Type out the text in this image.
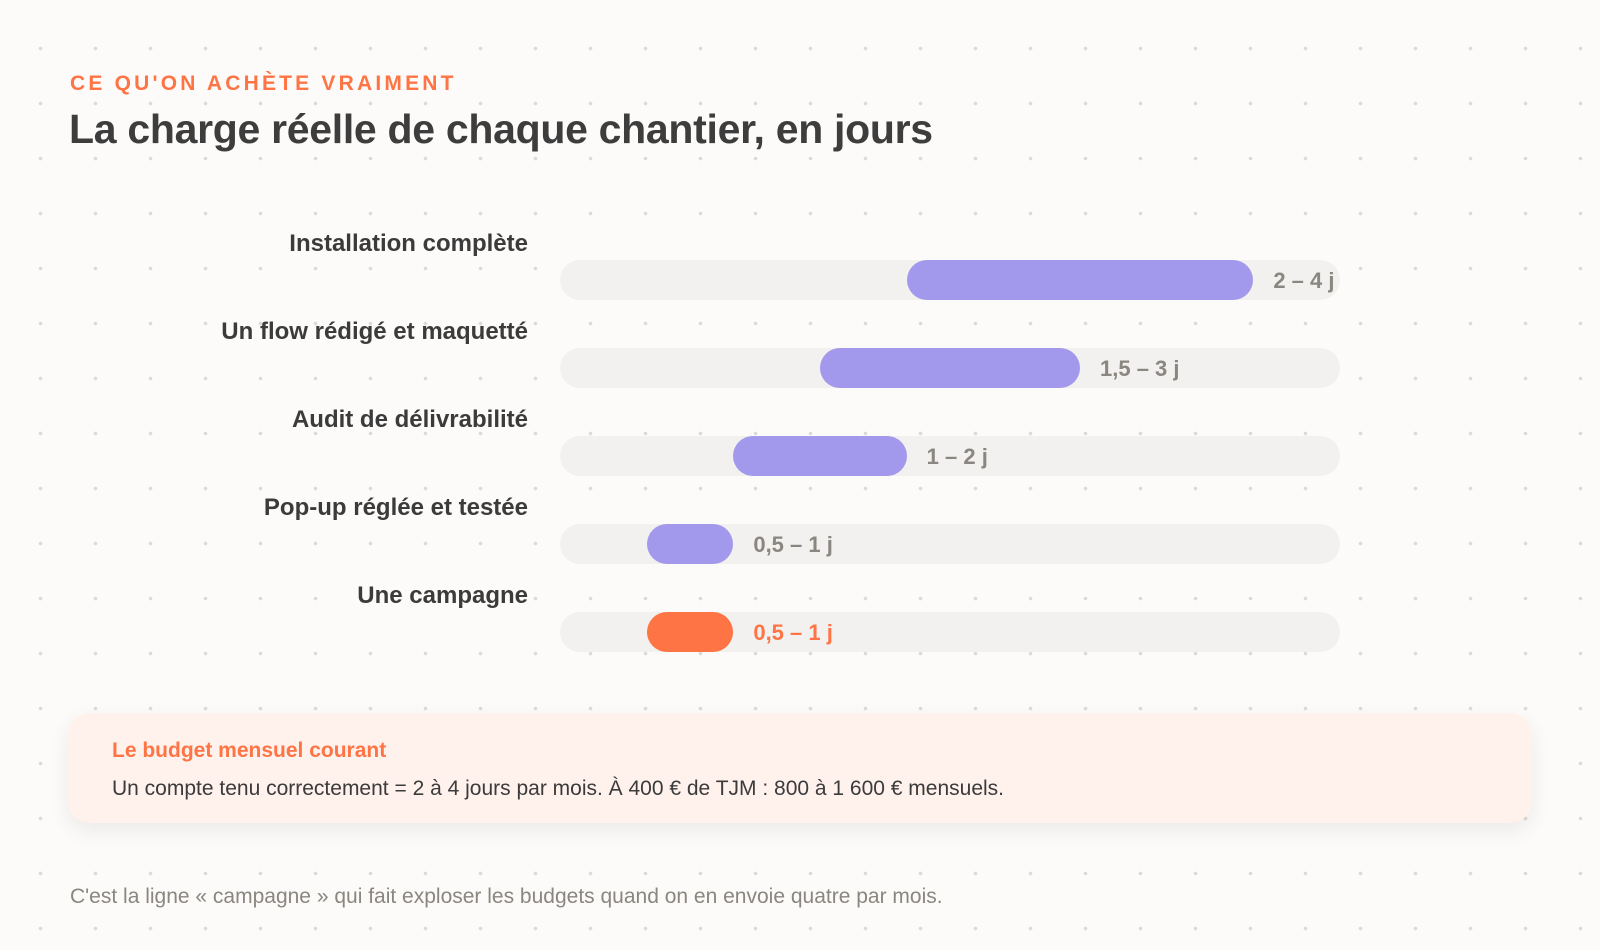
CE QU'ON ACHÈTE VRAIMENT

La charge réelle de chaque chantier, en jours
Installation complète
2 – 4 j
Un flow rédigé et maquetté
1,5 – 3 j
Audit de délivrabilité
1 – 2 j
Pop-up réglée et testée
0,5 – 1 j
Une campagne
0,5 – 1 j

Le budget mensuel courant

Un compte tenu correctement = 2 à 4 jours par mois. À 400 € de TJM : 800 à 1 600 € mensuels.

C'est la ligne « campagne » qui fait exploser les budgets quand on en envoie quatre par mois.
